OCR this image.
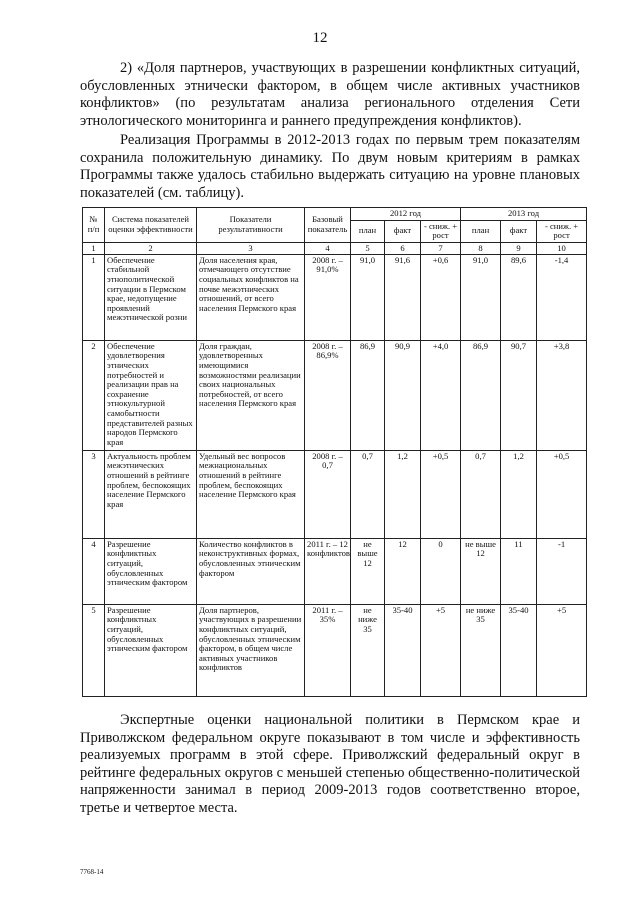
12

2) «Доля партнеров, участвующих в разрешении конфликтных ситуаций, обусловленных этнически фактором, в общем числе активных участников конфликтов» (по результатам анализа регионального отделения Сети этнологического мониторинга и раннего предупреждения конфликтов).

Реализация Программы в 2012-2013 годах по первым трем показателям сохранила положительную динамику. По двум новым критериям в рамках Программы также удалось стабильно выдержать ситуацию на уровне плановых показателей (см. таблицу).

№ п/п	Система показателей оценки эффективности	Показатели результативности	Базовый показатель	2012 год			2013 год		
				план	факт	- сниж. + рост	план	факт	- сниж. + рост
1	2	3	4	5	6	7	8	9	10
1	Обеспечение стабильной этнополитической ситуации в Пермском крае, недопущение проявлений межэтнической розни	Доля населения края, отмечающего отсутствие социальных конфликтов на почве межэтнических отношений, от всего населения Пермского края	2008 г. – 91,0%	91,0	91,6	+0,6	91,0	89,6	-1,4
2	Обеспечение удовлетворения этнических потребностей и реализации прав на сохранение этнокультурной самобытности представителей разных народов Пермского края	Доля граждан, удовлетворенных имеющимися возможностями реализации своих национальных потребностей, от всего населения Пермского края	2008 г. – 86,9%	86,9	90,9	+4,0	86,9	90,7	+3,8
3	Актуальность проблем межэтнических отношений в рейтинге проблем, беспокоящих население Пермского края	Удельный вес вопросов межнациональных отношений в рейтинге проблем, беспокоящих население Пермского края	2008 г. – 0,7	0,7	1,2	+0,5	0,7	1,2	+0,5
4	Разрешение конфликтных ситуаций, обусловленных этническим фактором	Количество конфликтов в неконструктивных формах, обусловленных этническим фактором	2011 г. – 12 конфликтов	не выше 12	12	0	не выше 12	11	-1
5	Разрешение конфликтных ситуаций, обусловленных этническим фактором	Доля партнеров, участвующих в разрешении конфликтных ситуаций, обусловленных этническим фактором, в общем числе активных участников конфликтов	2011 г. – 35%	не ниже 35	35-40	+5	не ниже 35	35-40	+5

Экспертные оценки национальной политики в Пермском крае и Приволжском федеральном округе показывают в том числе и эффективность реализуемых программ в этой сфере. Приволжский федеральный округ в рейтинге федеральных округов с меньшей степенью общественно-политической напряженности занимал в период 2009-2013 годов соответственно второе, третье и четвертое места.

7768-14
